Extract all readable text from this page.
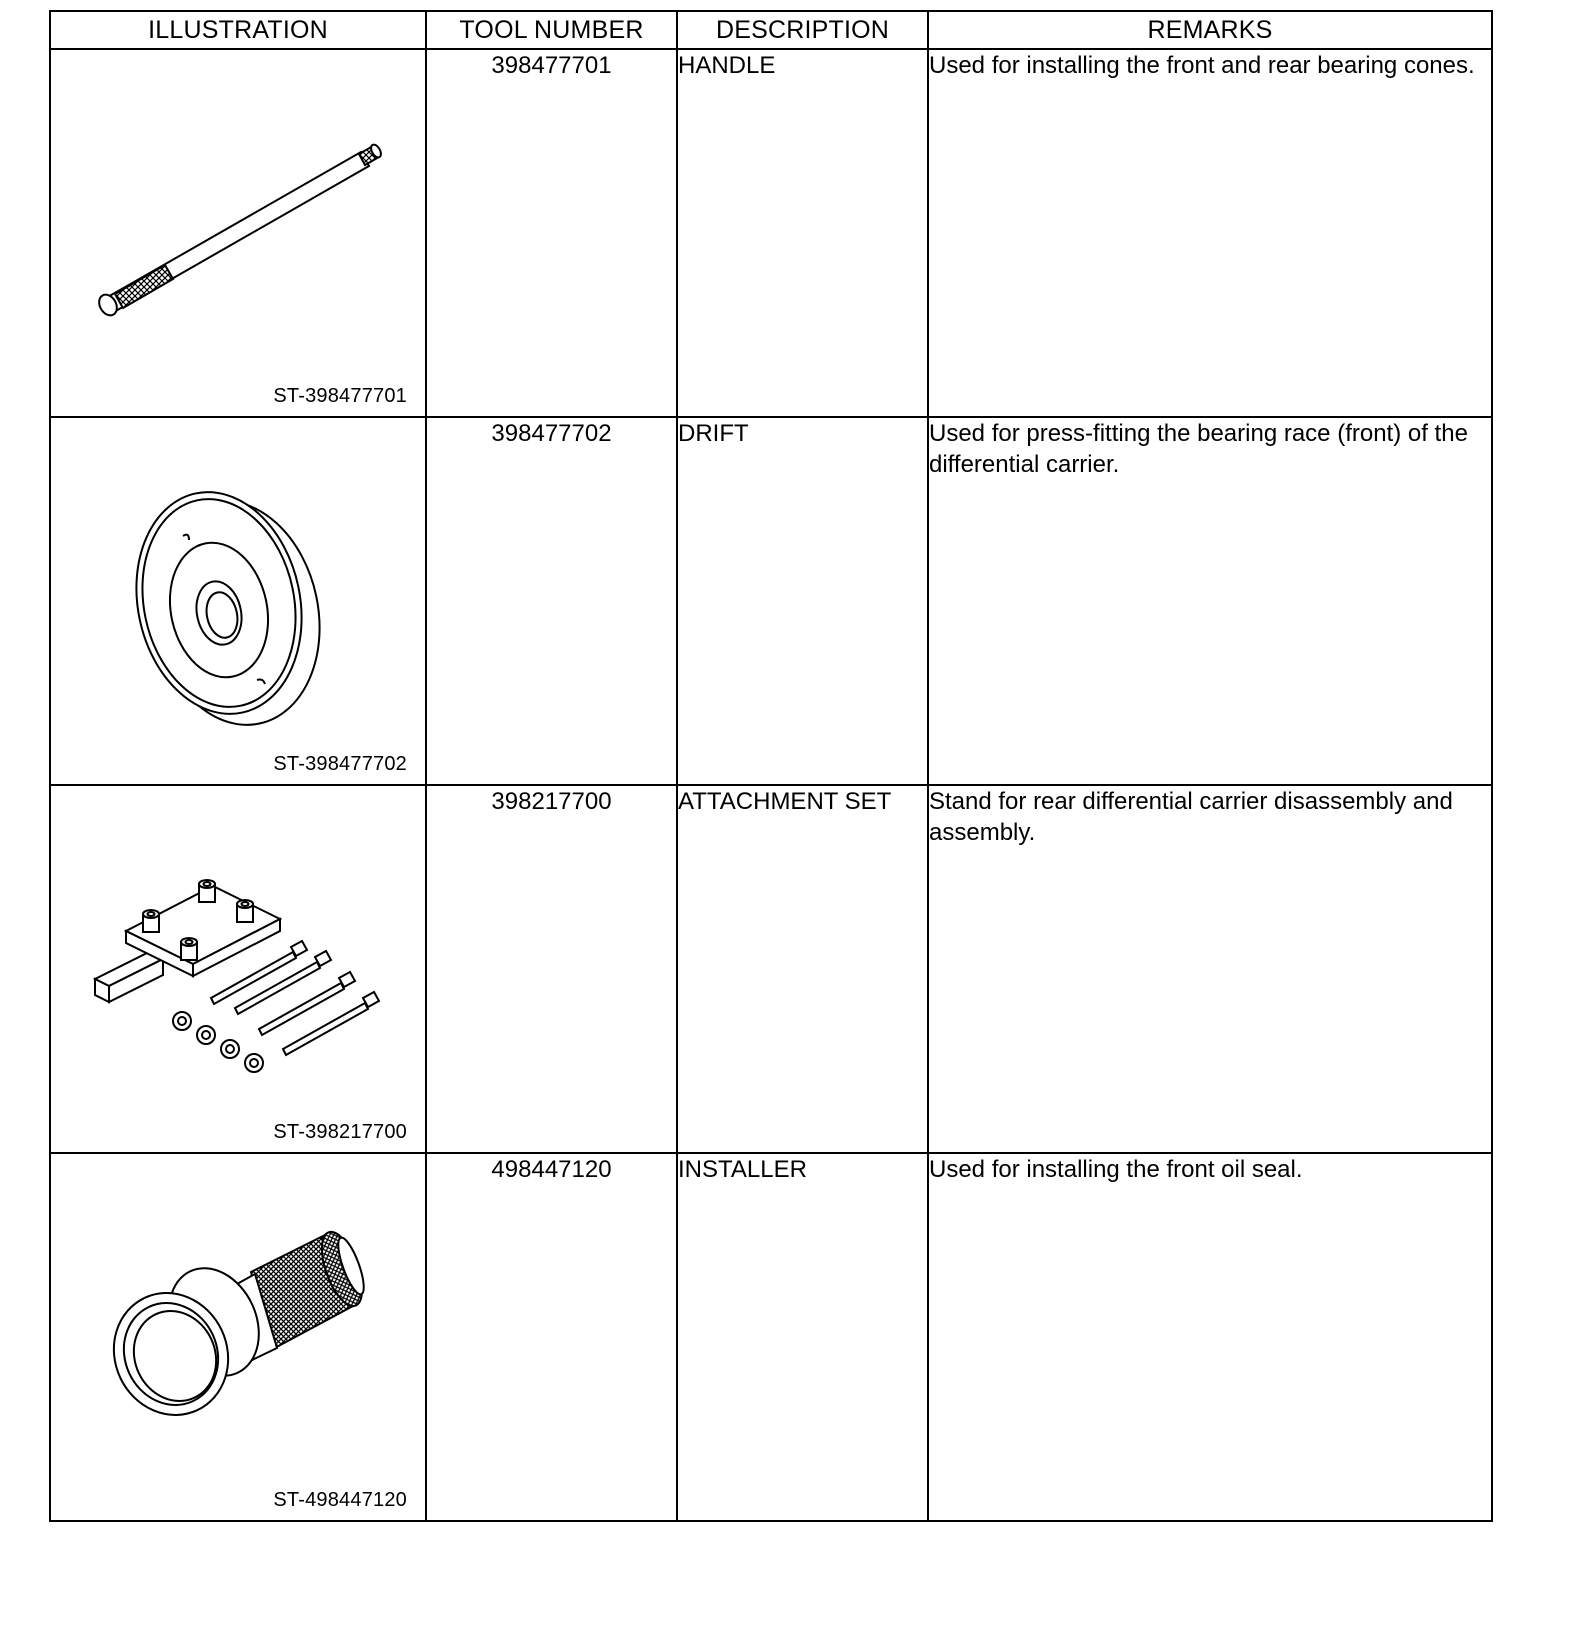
ILLUSTRATION	TOOL NUMBER	DESCRIPTION	REMARKS

ST-398477701	398477701	HANDLE	Used for installing the front and rear bearing cones.

ST-398477702	398477702	DRIFT	Used for press-fitting the bearing race (front) of the differential carrier.

ST-398217700	398217700	ATTACHMENT SET	Stand for rear differential carrier disassembly and assembly.

ST-498447120	498447120	INSTALLER	Used for installing the front oil seal.
